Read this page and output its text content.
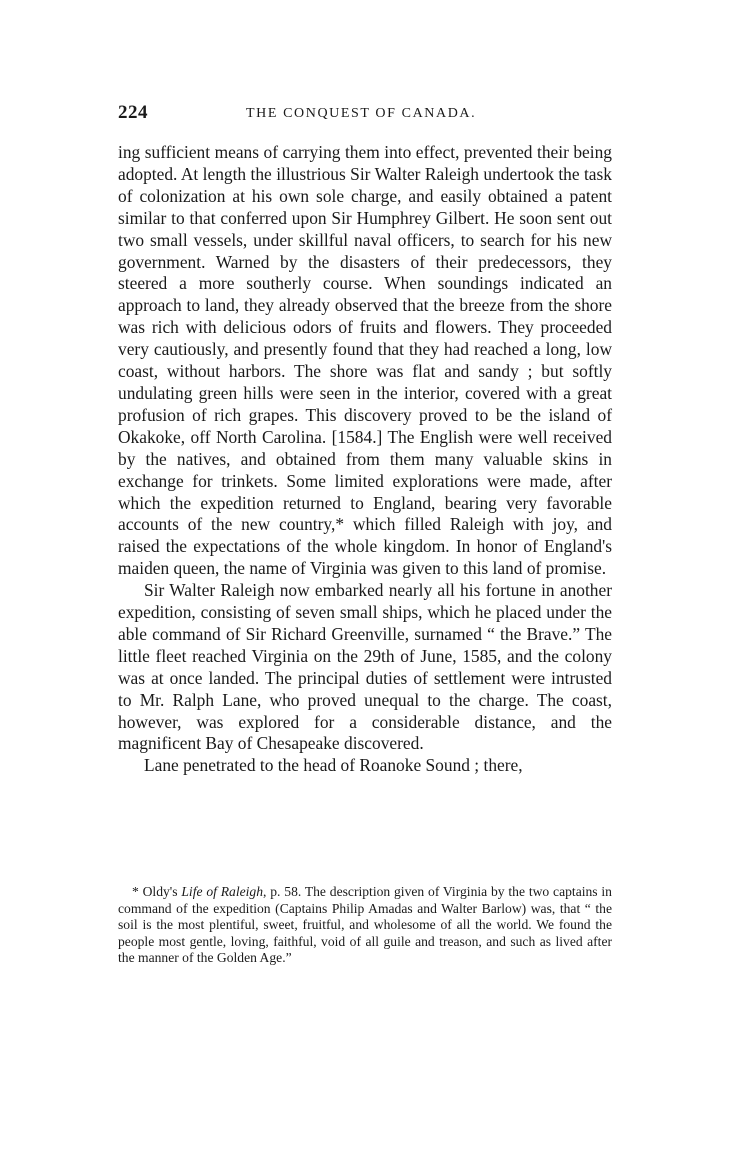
224	THE CONQUEST OF CANADA.

ing sufficient means of carrying them into effect, prevented their being adopted. At length the illustrious Sir Walter Raleigh undertook the task of colonization at his own sole charge, and easily obtained a patent similar to that conferred upon Sir Humphrey Gilbert. He soon sent out two small vessels, under skillful naval officers, to search for his new government. Warned by the disasters of their predecessors, they steered a more southerly course. When soundings indicated an approach to land, they already observed that the breeze from the shore was rich with delicious odors of fruits and flowers. They proceeded very cautiously, and presently found that they had reached a long, low coast, without harbors. The shore was flat and sandy ; but softly undulating green hills were seen in the interior, covered with a great profusion of rich grapes. This discovery proved to be the island of Okakoke, off North Carolina. [1584.] The English were well received by the natives, and obtained from them many valuable skins in exchange for trinkets. Some limited explorations were made, after which the expedition returned to England, bearing very favorable accounts of the new country,* which filled Raleigh with joy, and raised the expectations of the whole kingdom. In honor of England's maiden queen, the name of Virginia was given to this land of promise.

Sir Walter Raleigh now embarked nearly all his fortune in another expedition, consisting of seven small ships, which he placed under the able command of Sir Richard Greenville, surnamed “ the Brave.” The little fleet reached Virginia on the 29th of June, 1585, and the colony was at once landed. The principal duties of settlement were intrusted to Mr. Ralph Lane, who proved unequal to the charge. The coast, however, was explored for a considerable distance, and the magnificent Bay of Chesapeake discovered.

Lane penetrated to the head of Roanoke Sound ; there,

* Oldy's Life of Raleigh, p. 58. The description given of Virginia by the two captains in command of the expedition (Captains Philip Amadas and Walter Barlow) was, that “ the soil is the most plentiful, sweet, fruitful, and wholesome of all the world. We found the people most gentle, loving, faithful, void of all guile and treason, and such as lived after the manner of the Golden Age.”
